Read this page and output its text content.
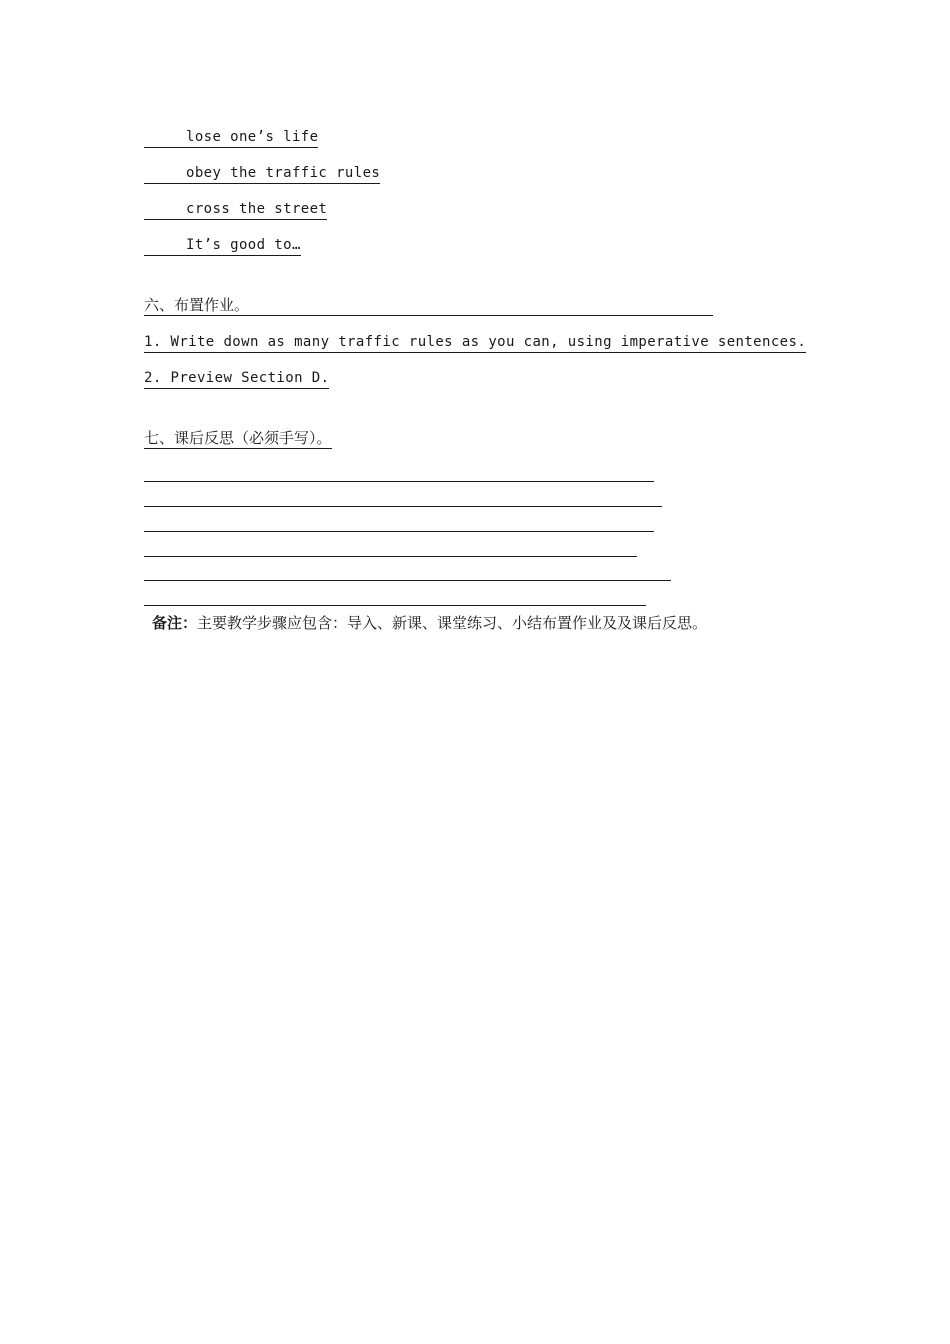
lose one’s life
obey the traffic rules
cross the street
It’s good to…
六、布置作业。
1. Write down as many traffic rules as you can, using imperative sentences.
2. Preview Section D.
七、课后反思（必须手写）。
备注：主要教学步骤应包含：导入、新课、课堂练习、小结布置作业及及课后反思。
